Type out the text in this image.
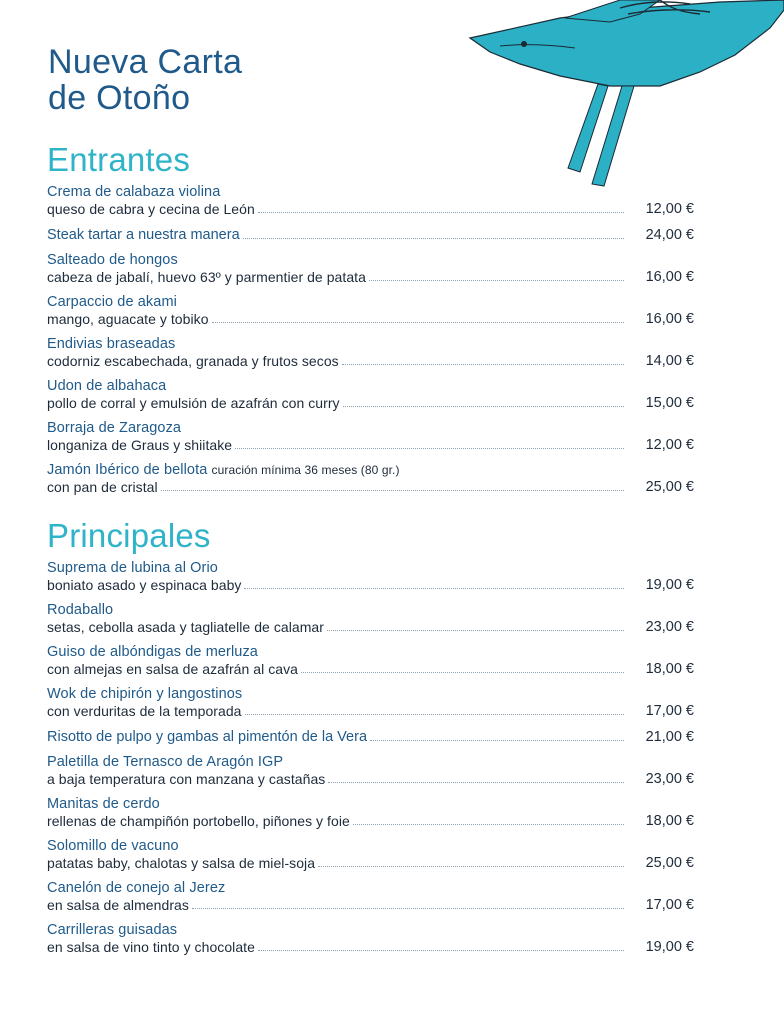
Nueva Carta
de Otoño
Entrantes
Crema de calabaza violina
queso de cabra y cecina de León	12,00 €
Steak tartar a nuestra manera	24,00 €
Salteado de hongos
cabeza de jabalí, huevo 63º y parmentier de patata	16,00 €
Carpaccio de akami
mango, aguacate y tobiko	16,00 €
Endivias braseadas
codorniz escabechada, granada y frutos secos	14,00 €
Udon de albahaca
pollo de corral y emulsión de azafrán con curry	15,00 €
Borraja de Zaragoza
longaniza de Graus y shiitake	12,00 €
Jamón Ibérico de bellota curación mínima 36 meses (80 gr.)
con pan de cristal	25,00 €
Principales
Suprema de lubina al Orio
boniato asado y espinaca baby	19,00 €
Rodaballo
setas, cebolla asada y tagliatelle de calamar	23,00 €
Guiso de albóndigas de merluza
con almejas en salsa de azafrán al cava	18,00 €
Wok de chipirón y langostinos
con verduritas de la temporada	17,00 €
Risotto de pulpo y gambas al pimentón de la Vera	21,00 €
Paletilla de Ternasco de Aragón IGP
a baja temperatura con manzana y castañas	23,00 €
Manitas de cerdo
rellenas de champiñón portobello, piñones y foie	18,00 €
Solomillo de vacuno
patatas baby, chalotas y salsa de miel-soja	25,00 €
Canelón de conejo al Jerez
en salsa de almendras	17,00 €
Carrilleras guisadas
en salsa de vino tinto y chocolate	19,00 €
